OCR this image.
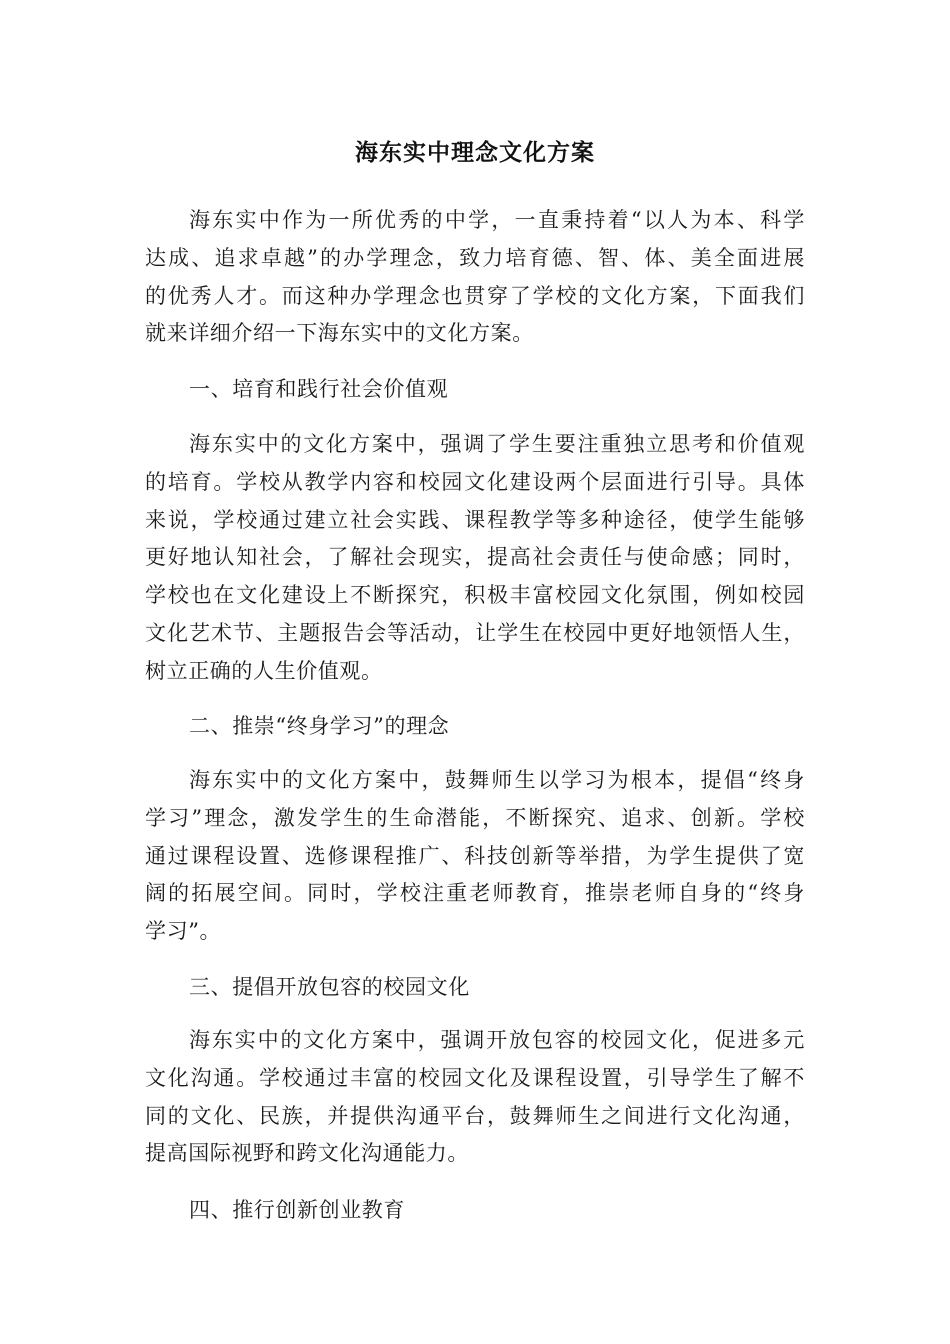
海东实中理念文化方案
海东实中作为一所优秀的中学，一直秉持着“以人为本、科学
达成、追求卓越”的办学理念，致力培育德、智、体、美全面进展
的优秀人才。而这种办学理念也贯穿了学校的文化方案，下面我们
就来详细介绍一下海东实中的文化方案。
一、培育和践行社会价值观
海东实中的文化方案中，强调了学生要注重独立思考和价值观
的培育。学校从教学内容和校园文化建设两个层面进行引导。具体
来说，学校通过建立社会实践、课程教学等多种途径，使学生能够
更好地认知社会，了解社会现实，提高社会责任与使命感；同时，
学校也在文化建设上不断探究，积极丰富校园文化氛围，例如校园
文化艺术节、主题报告会等活动，让学生在校园中更好地领悟人生，
树立正确的人生价值观。
二、推崇“终身学习”的理念
海东实中的文化方案中，鼓舞师生以学习为根本，提倡“终身
学习”理念，激发学生的生命潜能，不断探究、追求、创新。学校
通过课程设置、选修课程推广、科技创新等举措，为学生提供了宽
阔的拓展空间。同时，学校注重老师教育，推崇老师自身的“终身
学习”。
三、提倡开放包容的校园文化
海东实中的文化方案中，强调开放包容的校园文化，促进多元
文化沟通。学校通过丰富的校园文化及课程设置，引导学生了解不
同的文化、民族，并提供沟通平台，鼓舞师生之间进行文化沟通，
提高国际视野和跨文化沟通能力。
四、推行创新创业教育
